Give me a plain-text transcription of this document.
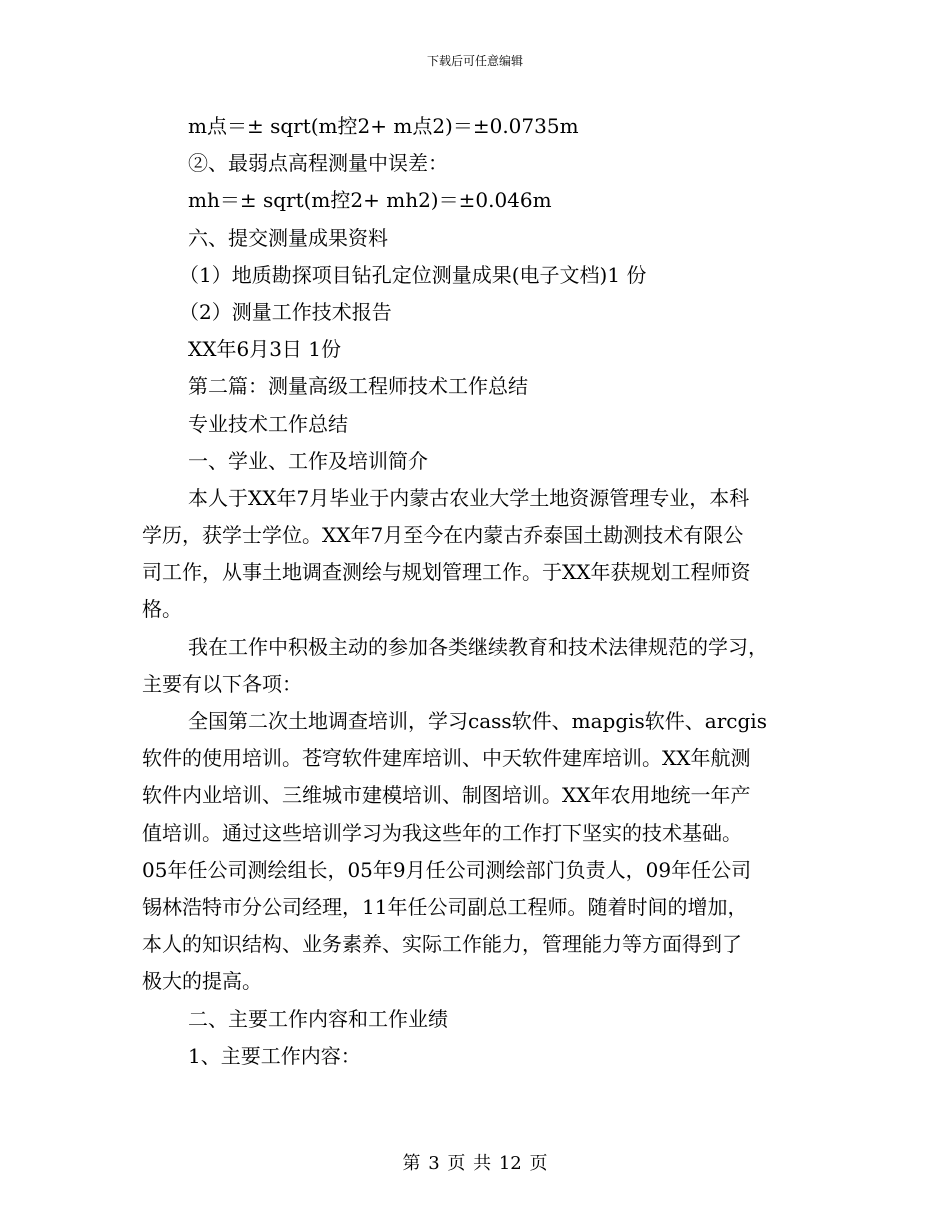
下载后可任意编辑
m点＝± sqrt(m控2+ m点2)＝±0.0735m
②、最弱点高程测量中误差：
mh＝± sqrt(m控2+ mh2)＝±0.046m
六、提交测量成果资料
（1）地质勘探项目钻孔定位测量成果(电子文档)1 份
（2）测量工作技术报告
XX年6月3日 1份
第二篇：测量高级工程师技术工作总结
专业技术工作总结
一、学业、工作及培训简介
本人于XX年7月毕业于内蒙古农业大学土地资源管理专业，本科
学历，获学士学位。XX年7月至今在内蒙古乔泰国土勘测技术有限公
司工作，从事土地调查测绘与规划管理工作。于XX年获规划工程师资
格。
我在工作中积极主动的参加各类继续教育和技术法律规范的学习，
主要有以下各项：
全国第二次土地调查培训，学习cass软件、mapgis软件、arcgis
软件的使用培训。苍穹软件建库培训、中天软件建库培训。XX年航测
软件内业培训、三维城市建模培训、制图培训。XX年农用地统一年产
值培训。通过这些培训学习为我这些年的工作打下坚实的技术基础。
05年任公司测绘组长，05年9月任公司测绘部门负责人，09年任公司
锡林浩特市分公司经理，11年任公司副总工程师。随着时间的增加，
本人的知识结构、业务素养、实际工作能力，管理能力等方面得到了
极大的提高。
二、主要工作内容和工作业绩
1、主要工作内容：
第 3 页 共 12 页
